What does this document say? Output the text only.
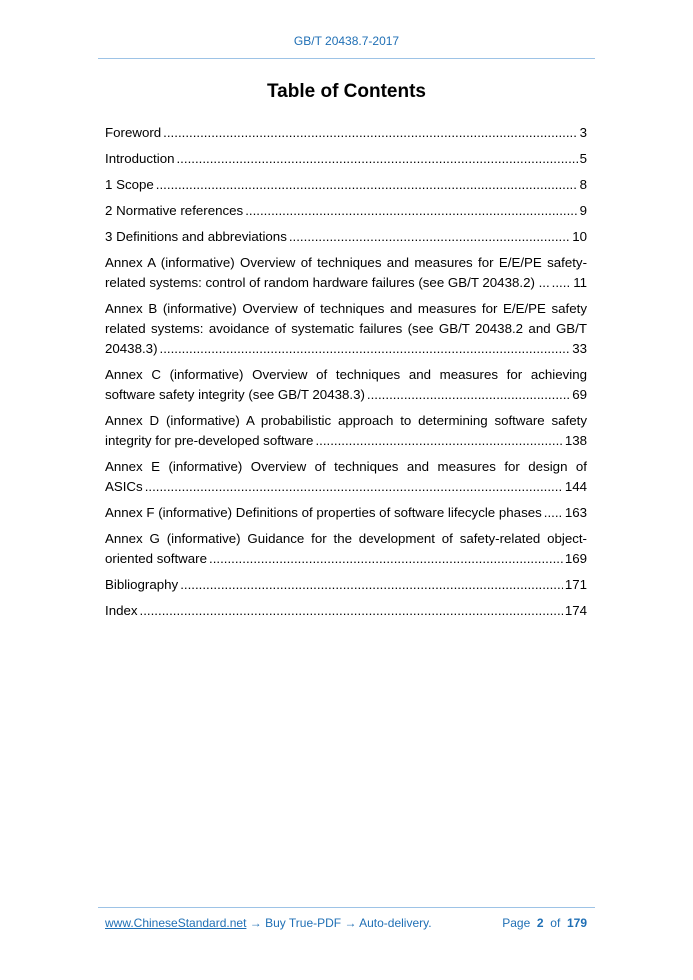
GB/T 20438.7-2017
Table of Contents
Foreword .....	3
Introduction .....	5
1 Scope .....	8
2 Normative references .....	9
3 Definitions and abbreviations .....	10
Annex A (informative) Overview of techniques and measures for E/E/PE safety-
related systems: control of random hardware failures (see GB/T 20438.2) ... ..... 11
Annex B (informative) Overview of techniques and measures for E/E/PE safety
related systems: avoidance of systematic failures (see GB/T 20438.2 and GB/T
20438.3) .....	33
Annex C (informative) Overview of techniques and measures for achieving
software safety integrity (see GB/T 20438.3) .....	69
Annex D (informative) A probabilistic approach to determining software safety
integrity for pre-developed software .....	138
Annex E (informative) Overview of techniques and measures for design of
ASICs .....	144
Annex F (informative) Definitions of properties of software lifecycle phases ..... 163
Annex G (informative) Guidance for the development of safety-related object-
oriented software .....	169
Bibliography .....	171
Index .....	174
www.ChineseStandard.net → Buy True-PDF → Auto-delivery.	Page 2 of 179
